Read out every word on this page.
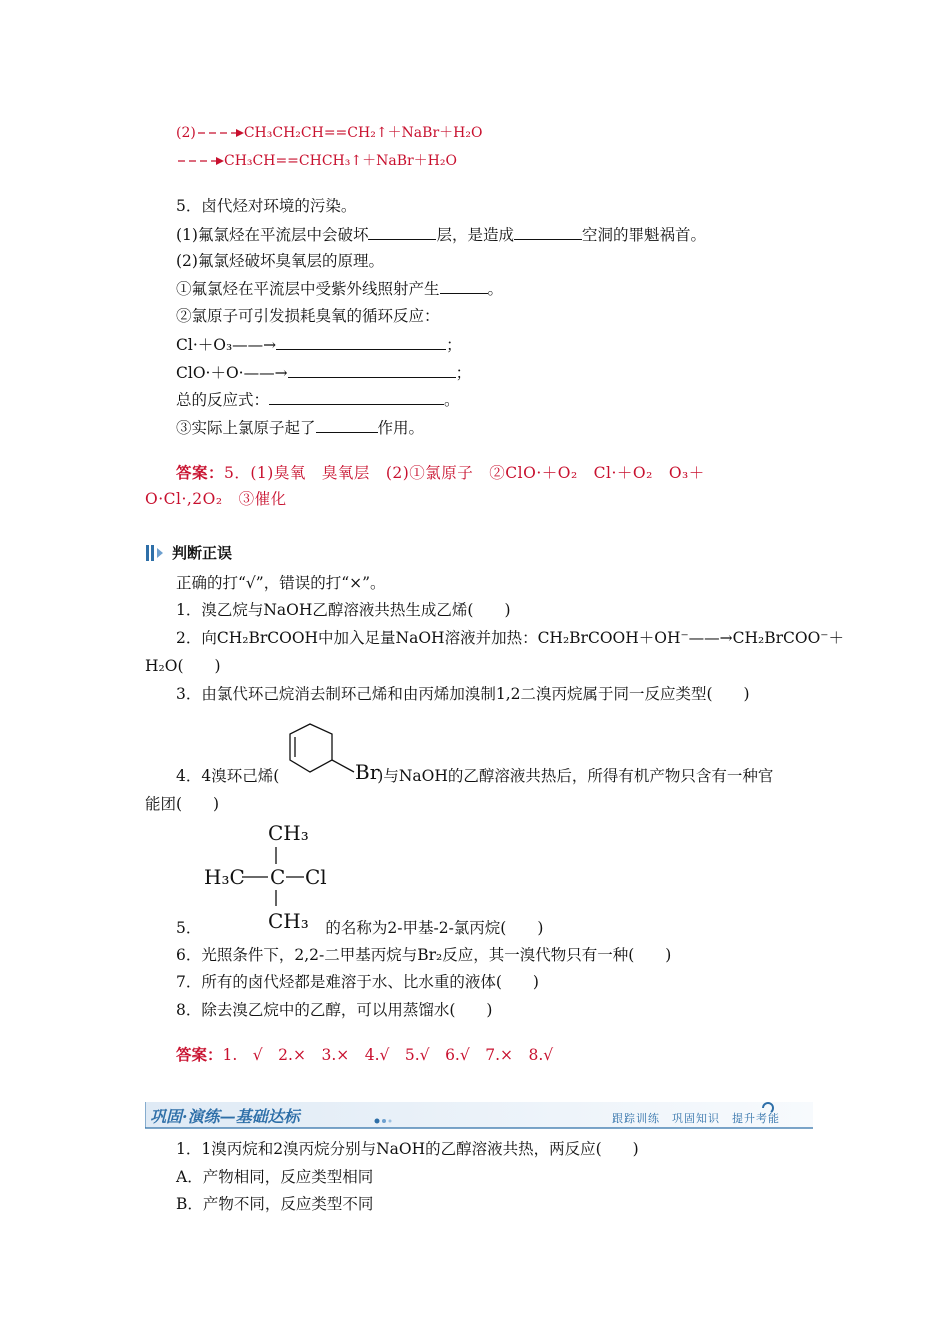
(2)	CH₃CH₂CH==CH₂↑＋NaBr＋H₂O
CH₃CH==CHCH₃↑＋NaBr＋H₂O
5．卤代烃对环境的污染。
(1)氟氯烃在平流层中会破坏	层，是造成	空洞的罪魁祸首。
(2)氟氯烃破坏臭氧层的原理。
①氟氯烃在平流层中受紫外线照射产生	。
②氯原子可引发损耗臭氧的循环反应：
Cl·＋O₃——→	；
ClO·＋O·——→	；
总的反应式：	。
③实际上氯原子起了	作用。
答案：5．(1)臭氧　臭氧层　(2)①氯原子　②ClO·＋O₂　Cl·＋O₂　O₃＋
O·Cl·,2O₂　③催化
判断正误
正确的打“√”，错误的打“×”。
1．溴乙烷与NaOH乙醇溶液共热生成乙烯(　　)
2．向CH₂BrCOOH中加入足量NaOH溶液并加热：CH₂BrCOOH＋OH⁻——→CH₂BrCOO⁻＋
H₂O(　　)
3．由氯代环己烷消去制环己烯和由丙烯加溴制1,2二溴丙烷属于同一反应类型(　　)
4．4溴环己烯(	)与NaOH的乙醇溶液共热后，所得有机产物只含有一种官
Br
能团(　　)
CH₃
H₃C C Cl
CH₃
5．	的名称为2-甲基-2-氯丙烷(　　)
6．光照条件下，2,2-二甲基丙烷与Br₂反应，其一溴代物只有一种(　　)
7．所有的卤代烃都是难溶于水、比水重的液体(　　)
8．除去溴乙烷中的乙醇，可以用蒸馏水(　　)
答案：1.　√　2.×　3.×　4.√　5.√　6.√　7.×　8.√
巩固·演练—基础达标	跟踪训练　巩固知识　提升考能
1．1溴丙烷和2溴丙烷分别与NaOH的乙醇溶液共热，两反应(　　)
A．产物相同，反应类型相同
B．产物不同，反应类型不同
